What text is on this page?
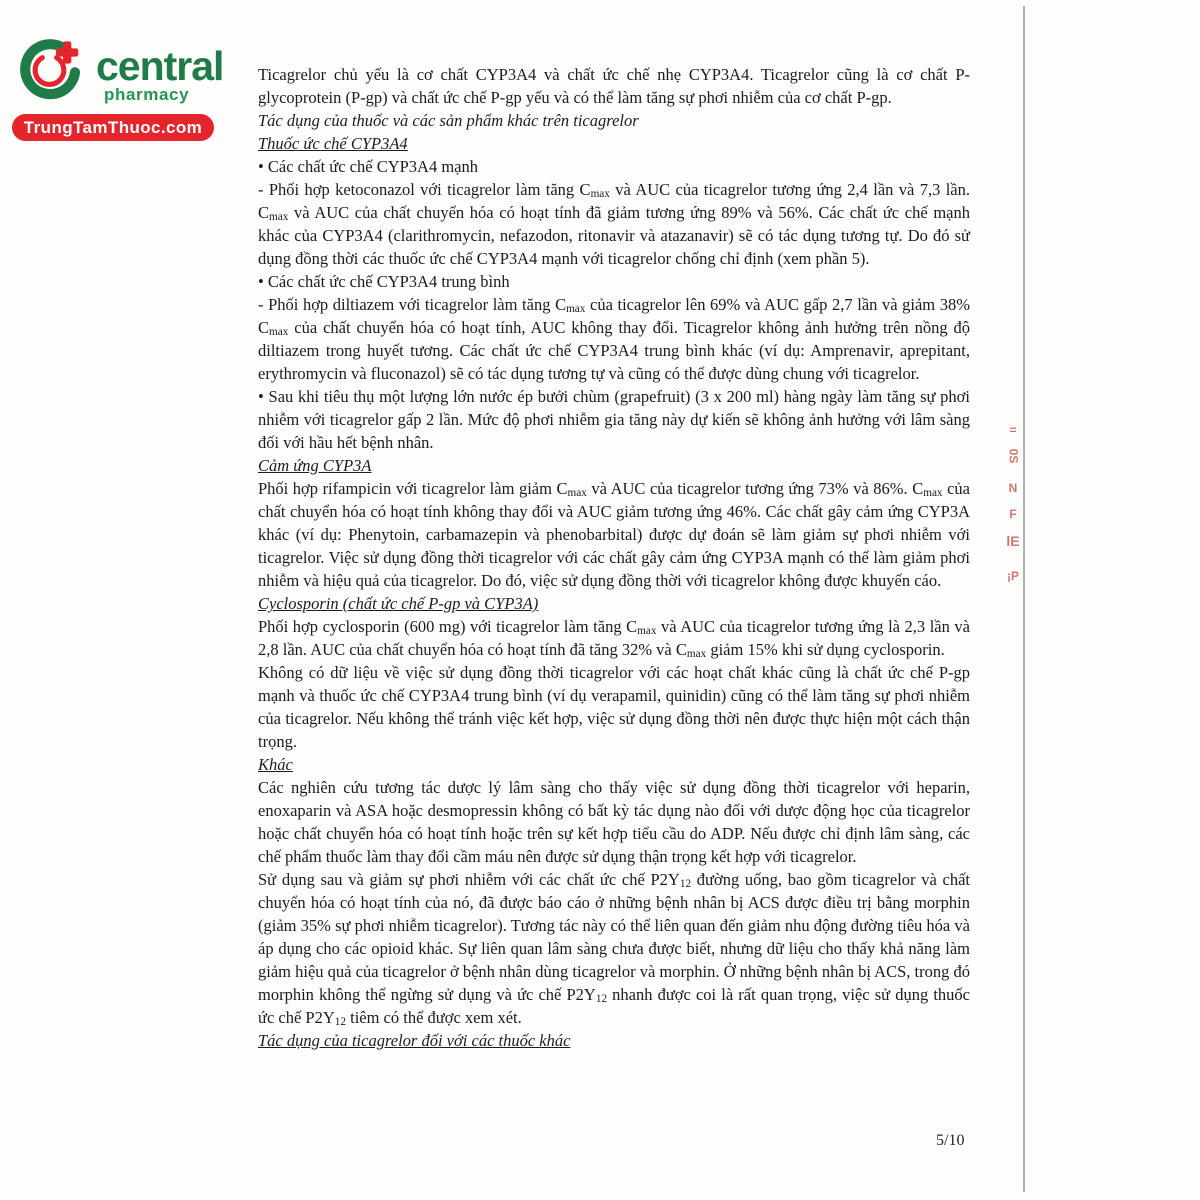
central
pharmacy
TrungTamThuoc.com

Ticagrelor chủ yếu là cơ chất CYP3A4 và chất ức chế nhẹ CYP3A4. Ticagrelor cũng là cơ chất P-glycoprotein (P-gp) và chất ức chế P-gp yếu và có thể làm tăng sự phơi nhiễm của cơ chất P-gp.

Tác dụng của thuốc và các sản phẩm khác trên ticagrelor

Thuốc ức chế CYP3A4

• Các chất ức chế CYP3A4 mạnh

- Phối hợp ketoconazol với ticagrelor làm tăng $C_{max}$ và AUC của ticagrelor tương ứng 2,4 lần và 7,3 lần. $C_{max}$ và AUC của chất chuyển hóa có hoạt tính đã giảm tương ứng 89% và 56%. Các chất ức chế mạnh khác của CYP3A4 (clarithromycin, nefazodon, ritonavir và atazanavir) sẽ có tác dụng tương tự. Do đó sử dụng đồng thời các thuốc ức chế CYP3A4 mạnh với ticagrelor chống chỉ định (xem phần 5).

• Các chất ức chế CYP3A4 trung bình

- Phối hợp diltiazem với ticagrelor làm tăng $C_{max}$ của ticagrelor lên 69% và AUC gấp 2,7 lần và giảm 38% $C_{max}$ của chất chuyển hóa có hoạt tính, AUC không thay đổi. Ticagrelor không ảnh hưởng trên nồng độ diltiazem trong huyết tương. Các chất ức chế CYP3A4 trung bình khác (ví dụ: Amprenavir, aprepitant, erythromycin và fluconazol) sẽ có tác dụng tương tự và cũng có thể được dùng chung với ticagrelor.

• Sau khi tiêu thụ một lượng lớn nước ép bưởi chùm (grapefruit) (3 x 200 ml) hàng ngày làm tăng sự phơi nhiễm với ticagrelor gấp 2 lần. Mức độ phơi nhiễm gia tăng này dự kiến sẽ không ảnh hưởng với lâm sàng đối với hầu hết bệnh nhân.

Cảm ứng CYP3A

Phối hợp rifampicin với ticagrelor làm giảm $C_{max}$ và AUC của ticagrelor tương ứng 73% và 86%. $C_{max}$ của chất chuyển hóa có hoạt tính không thay đổi và AUC giảm tương ứng 46%. Các chất gây cảm ứng CYP3A khác (ví dụ: Phenytoin, carbamazepin và phenobarbital) được dự đoán sẽ làm giảm sự phơi nhiễm với ticagrelor. Việc sử dụng đồng thời ticagrelor với các chất gây cảm ứng CYP3A mạnh có thể làm giảm phơi nhiễm và hiệu quả của ticagrelor. Do đó, việc sử dụng đồng thời với ticagrelor không được khuyến cáo.

Cyclosporin (chất ức chế P-gp và CYP3A)

Phối hợp cyclosporin (600 mg) với ticagrelor làm tăng $C_{max}$ và AUC của ticagrelor tương ứng là 2,3 lần và 2,8 lần. AUC của chất chuyển hóa có hoạt tính đã tăng 32% và $C_{max}$ giảm 15% khi sử dụng cyclosporin.

Không có dữ liệu về việc sử dụng đồng thời ticagrelor với các hoạt chất khác cũng là chất ức chế P-gp mạnh và thuốc ức chế CYP3A4 trung bình (ví dụ verapamil, quinidin) cũng có thể làm tăng sự phơi nhiễm của ticagrelor. Nếu không thể tránh việc kết hợp, việc sử dụng đồng thời nên được thực hiện một cách thận trọng.

Khác

Các nghiên cứu tương tác dược lý lâm sàng cho thấy việc sử dụng đồng thời ticagrelor với heparin, enoxaparin và ASA hoặc desmopressin không có bất kỳ tác dụng nào đối với dược động học của ticagrelor hoặc chất chuyển hóa có hoạt tính hoặc trên sự kết hợp tiểu cầu do ADP. Nếu được chỉ định lâm sàng, các chế phẩm thuốc làm thay đổi cầm máu nên được sử dụng thận trọng kết hợp với ticagrelor.

Sử dụng sau và giảm sự phơi nhiễm với các chất ức chế $P2Y_{12}$ đường uống, bao gồm ticagrelor và chất chuyển hóa có hoạt tính của nó, đã được báo cáo ở những bệnh nhân bị ACS được điều trị bằng morphin (giảm 35% sự phơi nhiễm ticagrelor). Tương tác này có thể liên quan đến giảm nhu động đường tiêu hóa và áp dụng cho các opioid khác. Sự liên quan lâm sàng chưa được biết, nhưng dữ liệu cho thấy khả năng làm giảm hiệu quả của ticagrelor ở bệnh nhân dùng ticagrelor và morphin. Ở những bệnh nhân bị ACS, trong đó morphin không thể ngừng sử dụng và ức chế $P2Y_{12}$ nhanh được coi là rất quan trọng, việc sử dụng thuốc ức chế $P2Y_{12}$ tiêm có thể được xem xét.

Tác dụng của ticagrelor đối với các thuốc khác

=
0S
N
F
lE
¡P
5/10
